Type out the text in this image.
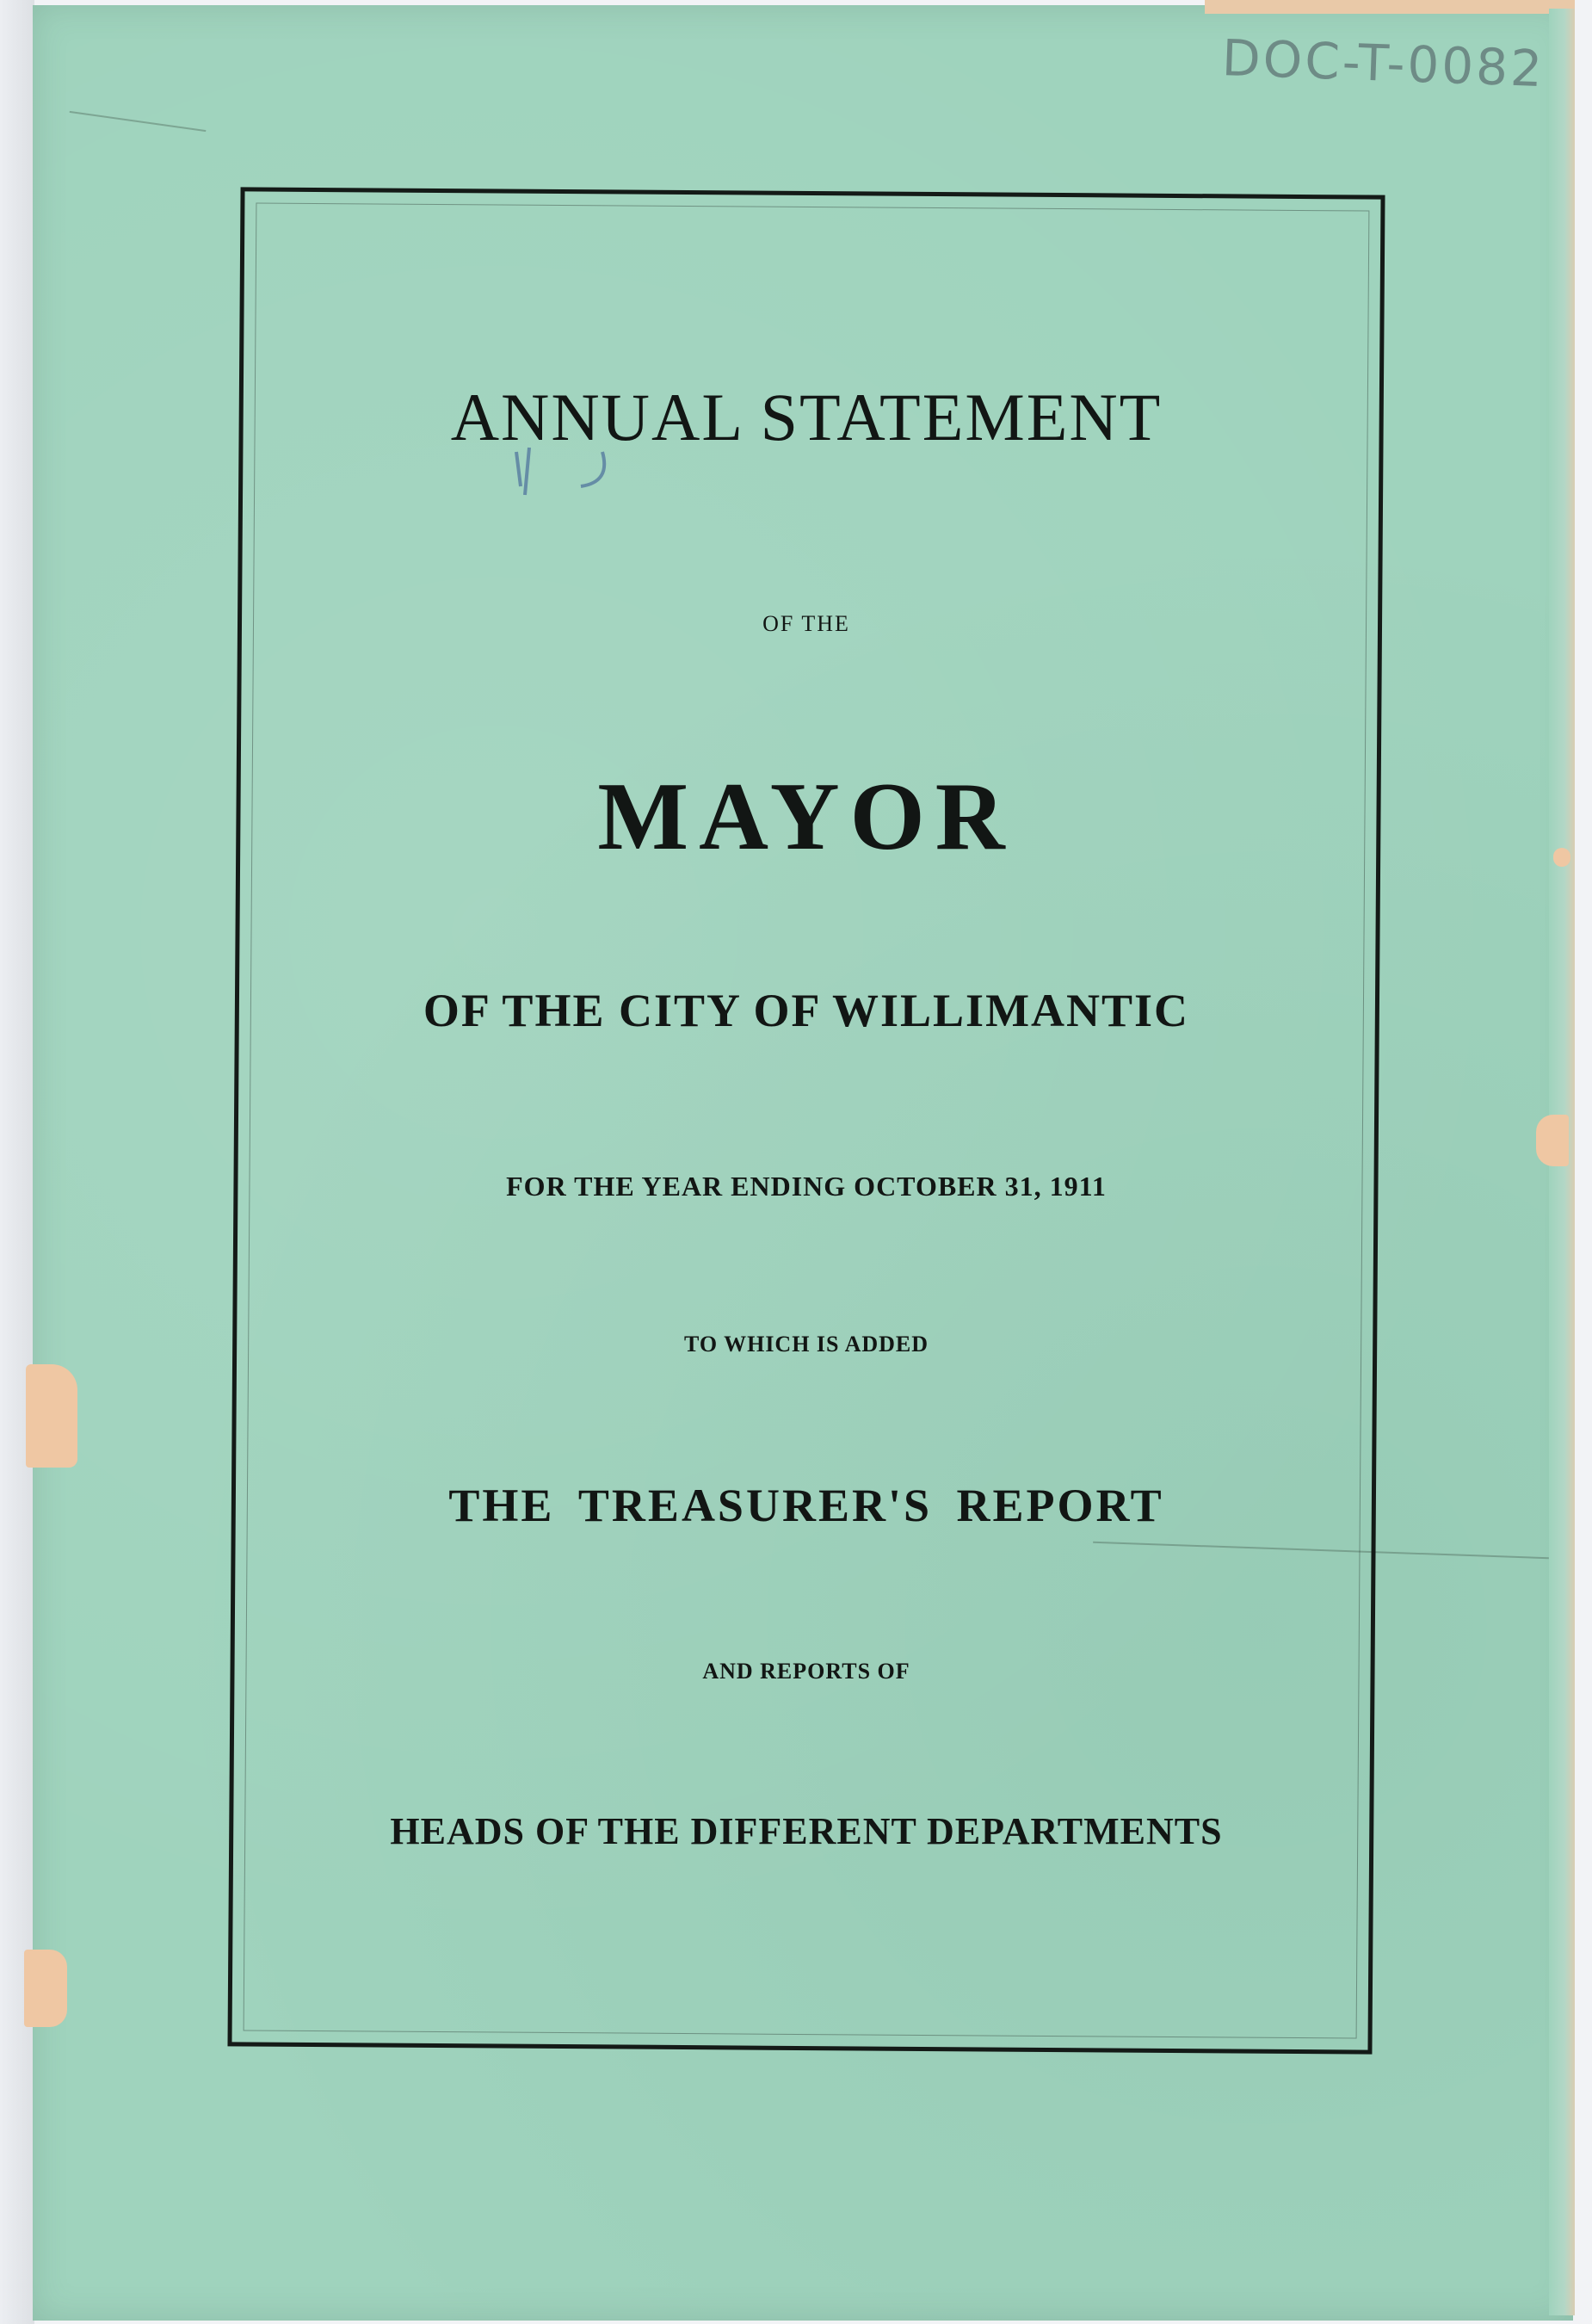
DOC-T-0082
ANNUAL STATEMENT
OF THE
MAYOR
OF THE CITY OF WILLIMANTIC
FOR THE YEAR ENDING OCTOBER 31, 1911
TO WHICH IS ADDED
THE TREASURER'S REPORT
AND REPORTS OF
HEADS OF THE DIFFERENT DEPARTMENTS
